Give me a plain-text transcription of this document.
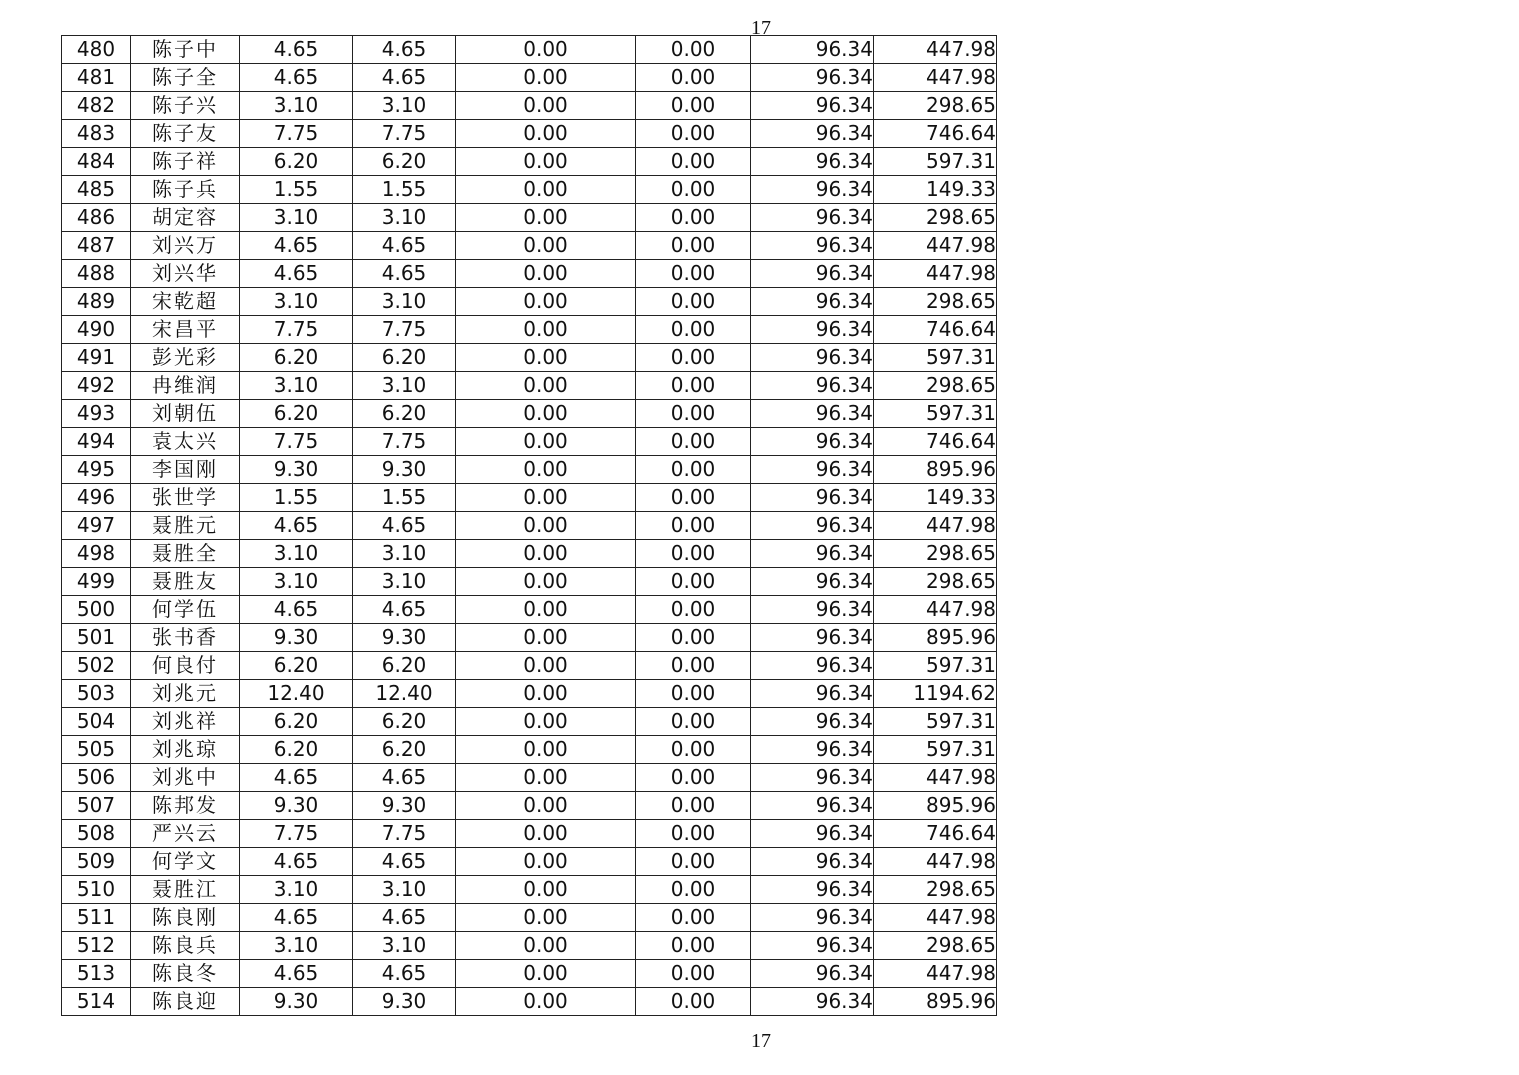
17
480	陈子中	4.65	4.65	0.00	0.00	96.34	447.98
481	陈子全	4.65	4.65	0.00	0.00	96.34	447.98
482	陈子兴	3.10	3.10	0.00	0.00	96.34	298.65
483	陈子友	7.75	7.75	0.00	0.00	96.34	746.64
484	陈子祥	6.20	6.20	0.00	0.00	96.34	597.31
485	陈子兵	1.55	1.55	0.00	0.00	96.34	149.33
486	胡定容	3.10	3.10	0.00	0.00	96.34	298.65
487	刘兴万	4.65	4.65	0.00	0.00	96.34	447.98
488	刘兴华	4.65	4.65	0.00	0.00	96.34	447.98
489	宋乾超	3.10	3.10	0.00	0.00	96.34	298.65
490	宋昌平	7.75	7.75	0.00	0.00	96.34	746.64
491	彭光彩	6.20	6.20	0.00	0.00	96.34	597.31
492	冉维润	3.10	3.10	0.00	0.00	96.34	298.65
493	刘朝伍	6.20	6.20	0.00	0.00	96.34	597.31
494	袁太兴	7.75	7.75	0.00	0.00	96.34	746.64
495	李国刚	9.30	9.30	0.00	0.00	96.34	895.96
496	张世学	1.55	1.55	0.00	0.00	96.34	149.33
497	聂胜元	4.65	4.65	0.00	0.00	96.34	447.98
498	聂胜全	3.10	3.10	0.00	0.00	96.34	298.65
499	聂胜友	3.10	3.10	0.00	0.00	96.34	298.65
500	何学伍	4.65	4.65	0.00	0.00	96.34	447.98
501	张书香	9.30	9.30	0.00	0.00	96.34	895.96
502	何良付	6.20	6.20	0.00	0.00	96.34	597.31
503	刘兆元	12.40	12.40	0.00	0.00	96.34	1194.62
504	刘兆祥	6.20	6.20	0.00	0.00	96.34	597.31
505	刘兆琼	6.20	6.20	0.00	0.00	96.34	597.31
506	刘兆中	4.65	4.65	0.00	0.00	96.34	447.98
507	陈邦发	9.30	9.30	0.00	0.00	96.34	895.96
508	严兴云	7.75	7.75	0.00	0.00	96.34	746.64
509	何学文	4.65	4.65	0.00	0.00	96.34	447.98
510	聂胜江	3.10	3.10	0.00	0.00	96.34	298.65
511	陈良刚	4.65	4.65	0.00	0.00	96.34	447.98
512	陈良兵	3.10	3.10	0.00	0.00	96.34	298.65
513	陈良冬	4.65	4.65	0.00	0.00	96.34	447.98
514	陈良迎	9.30	9.30	0.00	0.00	96.34	895.96
17
